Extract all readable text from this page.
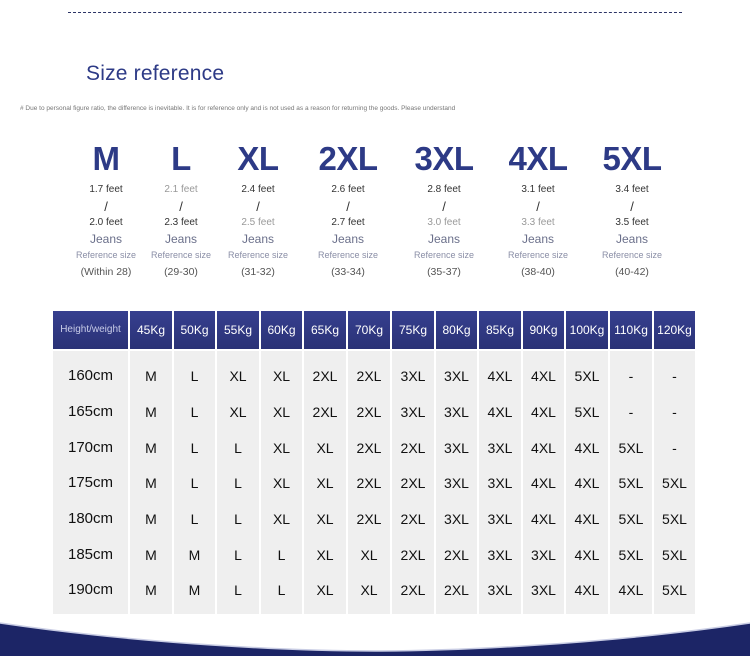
Size reference
# Due to personal figure ratio, the difference is inevitable. It is for reference only and is not used as a reason for returning the goods. Please understand
M
1.7 feet
/
2.0 feet
Jeans
Reference size
(Within 28)
L
2.1 feet
/
2.3 feet
Jeans
Reference size
(29-30)
XL
2.4 feet
/
2.5 feet
Jeans
Reference size
(31-32)
2XL
2.6 feet
/
2.7 feet
Jeans
Reference size
(33-34)
3XL
2.8 feet
/
3.0 feet
Jeans
Reference size
(35-37)
4XL
3.1 feet
/
3.3 feet
Jeans
Reference size
(38-40)
5XL
3.4 feet
/
3.5 feet
Jeans
Reference size
(40-42)
Height/weight	45Kg	50Kg	55Kg	60Kg	65Kg	70Kg	75Kg	80Kg	85Kg	90Kg	100Kg 110Kg 120Kg
160cm	M	L	XL	XL	2XL	2XL	3XL	3XL	4XL	4XL	5XL	-	-
165cm	M	L	XL	XL	2XL	2XL	3XL	3XL	4XL	4XL	5XL	-	-
170cm	M	L	L	XL	XL	2XL	2XL	3XL	3XL	4XL	4XL	5XL	-
175cm	M	L	L	XL	XL	2XL	2XL	3XL	3XL	4XL	4XL	5XL	5XL
180cm	M	L	L	XL	XL	2XL	2XL	3XL	3XL	4XL	4XL	5XL	5XL
185cm	M	M	L	L	XL	XL	2XL	2XL	3XL	3XL	4XL	5XL	5XL
190cm	M	M	L	L	XL	XL	2XL	2XL	3XL	3XL	4XL	4XL	5XL
